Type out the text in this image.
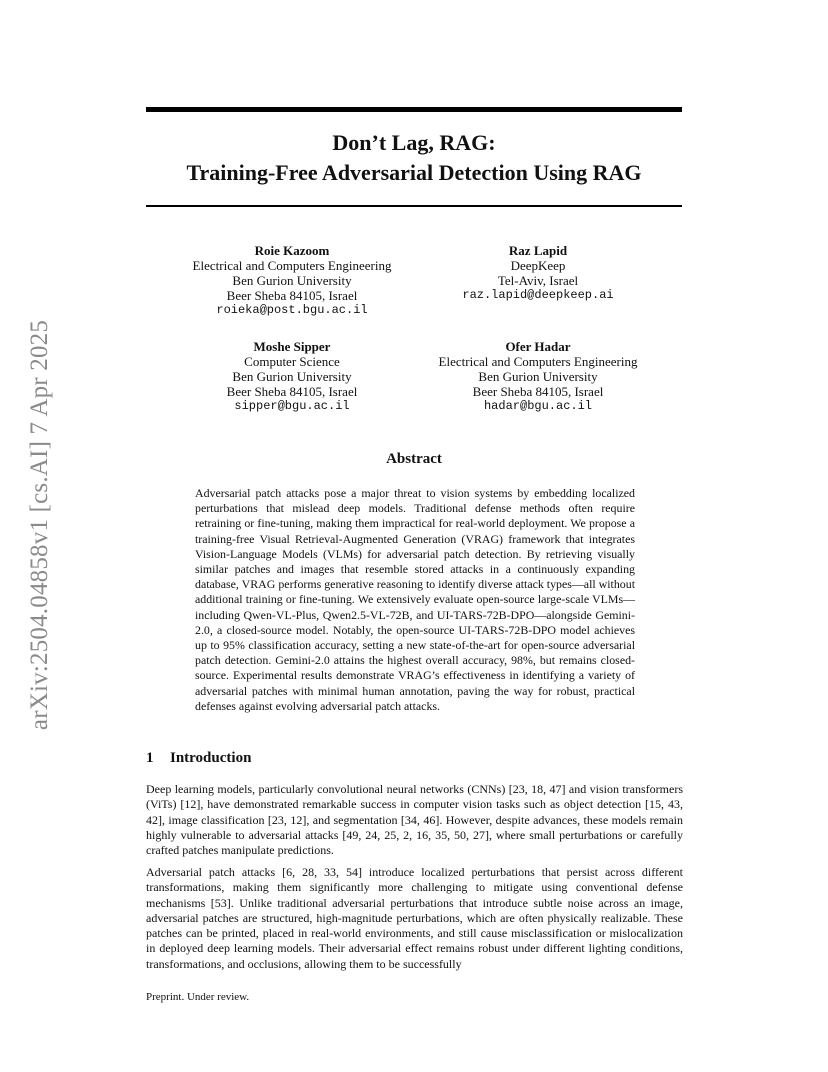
arXiv:2504.04858v1 [cs.AI] 7 Apr 2025
Don’t Lag, RAG:
Training-Free Adversarial Detection Using RAG
Roie Kazoom
Electrical and Computers Engineering
Ben Gurion University
Beer Sheba 84105, Israel
roieka@post.bgu.ac.il
Raz Lapid
DeepKeep
Tel-Aviv, Israel
raz.lapid@deepkeep.ai
Moshe Sipper
Computer Science
Ben Gurion University
Beer Sheba 84105, Israel
sipper@bgu.ac.il
Ofer Hadar
Electrical and Computers Engineering
Ben Gurion University
Beer Sheba 84105, Israel
hadar@bgu.ac.il
Abstract
Adversarial patch attacks pose a major threat to vision systems by embedding localized perturbations that mislead deep models. Traditional defense methods often require retraining or fine-tuning, making them impractical for real-world deployment. We propose a training-free Visual Retrieval-Augmented Generation (VRAG) framework that integrates Vision-Language Models (VLMs) for adversarial patch detection. By retrieving visually similar patches and images that resemble stored attacks in a continuously expanding database, VRAG performs generative reasoning to identify diverse attack types—all without additional training or fine-tuning. We extensively evaluate open-source large-scale VLMs—including Qwen-VL-Plus, Qwen2.5-VL-72B, and UI-TARS-72B-DPO—alongside Gemini-2.0, a closed-source model. Notably, the open-source UI-TARS-72B-DPO model achieves up to 95% classification accuracy, setting a new state-of-the-art for open-source adversarial patch detection. Gemini-2.0 attains the highest overall accuracy, 98%, but remains closed-source. Experimental results demonstrate VRAG’s effectiveness in identifying a variety of adversarial patches with minimal human annotation, paving the way for robust, practical defenses against evolving adversarial patch attacks.
1 Introduction
Deep learning models, particularly convolutional neural networks (CNNs) [23, 18, 47] and vision transformers (ViTs) [12], have demonstrated remarkable success in computer vision tasks such as object detection [15, 43, 42], image classification [23, 12], and segmentation [34, 46]. However, despite advances, these models remain highly vulnerable to adversarial attacks [49, 24, 25, 2, 16, 35, 50, 27], where small perturbations or carefully crafted patches manipulate predictions.
Adversarial patch attacks [6, 28, 33, 54] introduce localized perturbations that persist across different transformations, making them significantly more challenging to mitigate using conventional defense mechanisms [53]. Unlike traditional adversarial perturbations that introduce subtle noise across an image, adversarial patches are structured, high-magnitude perturbations, which are often physically realizable. These patches can be printed, placed in real-world environments, and still cause misclassification or mislocalization in deployed deep learning models. Their adversarial effect remains robust under different lighting conditions, transformations, and occlusions, allowing them to be successfully
Preprint. Under review.
